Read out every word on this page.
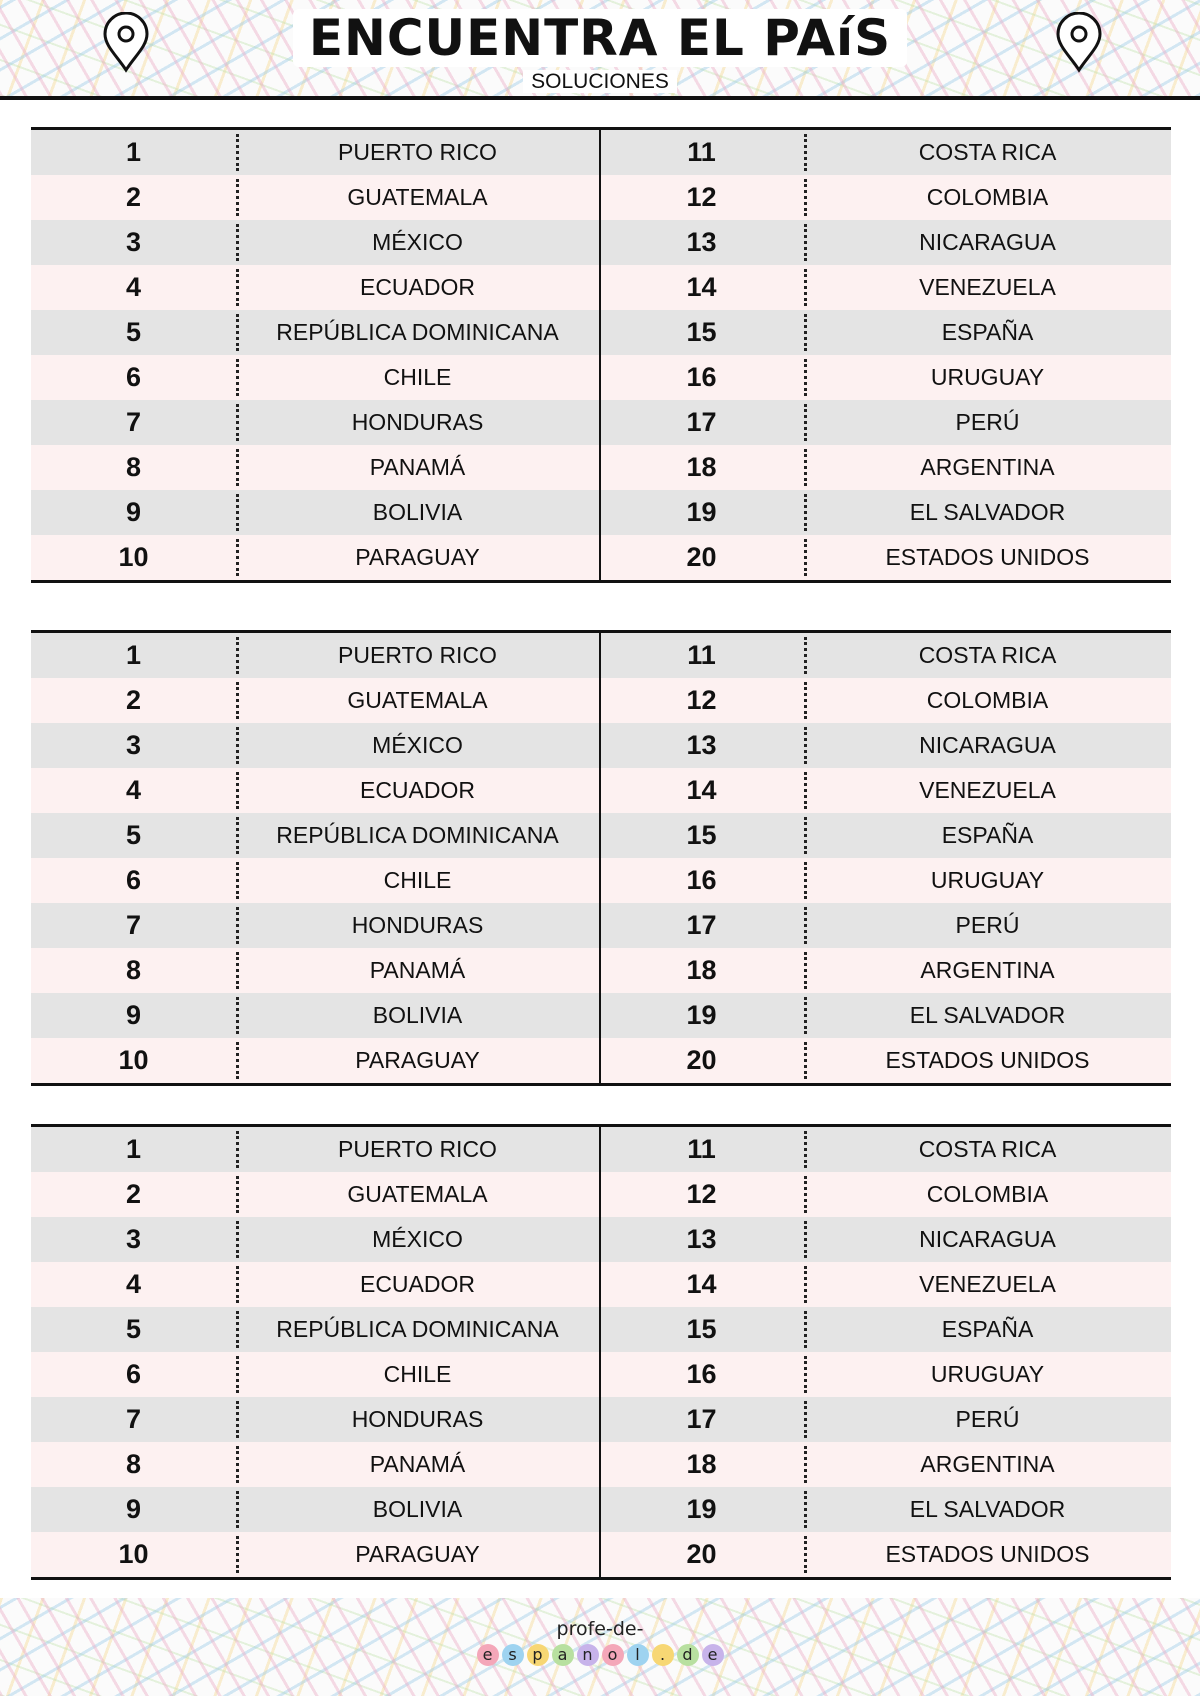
ENCUENTRA EL PAíS
SOLUCIONES
1	PUERTO RICO	11	COSTA RICA
2	GUATEMALA	12	COLOMBIA
3	MÉXICO	13	NICARAGUA
4	ECUADOR	14	VENEZUELA
5	REPÚBLICA DOMINICANA	15	ESPAÑA
6	CHILE	16	URUGUAY
7	HONDURAS	17	PERÚ
8	PANAMÁ	18	ARGENTINA
9	BOLIVIA	19	EL SALVADOR
10	PARAGUAY	20	ESTADOS UNIDOS
1	PUERTO RICO	11	COSTA RICA
2	GUATEMALA	12	COLOMBIA
3	MÉXICO	13	NICARAGUA
4	ECUADOR	14	VENEZUELA
5	REPÚBLICA DOMINICANA	15	ESPAÑA
6	CHILE	16	URUGUAY
7	HONDURAS	17	PERÚ
8	PANAMÁ	18	ARGENTINA
9	BOLIVIA	19	EL SALVADOR
10	PARAGUAY	20	ESTADOS UNIDOS
1	PUERTO RICO	11	COSTA RICA
2	GUATEMALA	12	COLOMBIA
3	MÉXICO	13	NICARAGUA
4	ECUADOR	14	VENEZUELA
5	REPÚBLICA DOMINICANA	15	ESPAÑA
6	CHILE	16	URUGUAY
7	HONDURAS	17	PERÚ
8	PANAMÁ	18	ARGENTINA
9	BOLIVIA	19	EL SALVADOR
10	PARAGUAY	20	ESTADOS UNIDOS
profe-de-
e s p a n o	l	.	d e
